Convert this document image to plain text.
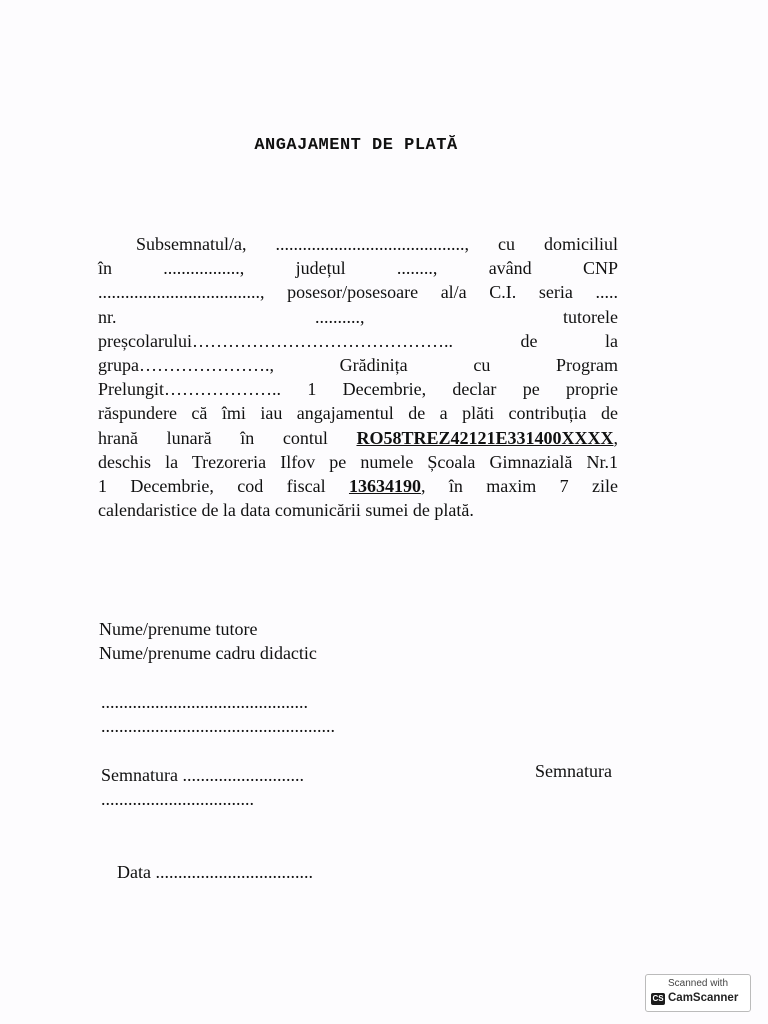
ANGAJAMENT DE PLATĂ
Subsemnatul/a, .........................................., cu domiciliul
în ................., județul ........, având CNP
...................................., posesor/posesoare al/a C.I. seria .....
nr. .........., tutorele
preșcolarului…………………………………….. de la
grupa…………………., Grădinița cu Program
Prelungit……………….. 1 Decembrie, declar pe proprie
răspundere că îmi iau angajamentul de a plăti contribuția de
hrană lunară în contul RO58TREZ42121E331400XXXX,
deschis la Trezoreria Ilfov pe numele Școala Gimnazială Nr.1
1 Decembrie, cod fiscal 13634190, în maxim 7 zile
calendaristice de la data comunicării sumei de plată.
Nume/prenume tutore
Nume/prenume cadru didactic
..............................................
....................................................
Semnatura ...........................
..................................
Semnatura
Data ...................................
Scanned with
CS CamScanner
